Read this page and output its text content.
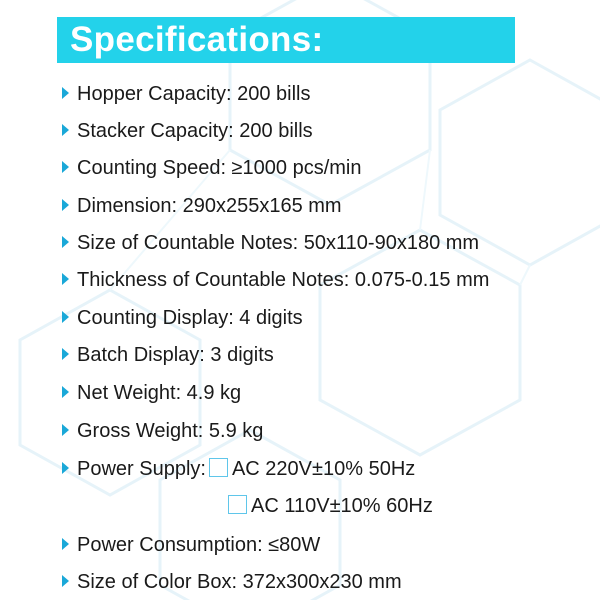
Specifications:
Hopper Capacity: 200 bills
Stacker Capacity: 200 bills
Counting Speed: ≥1000 pcs/min
Dimension: 290x255x165 mm
Size of Countable Notes: 50x110-90x180 mm
Thickness of Countable Notes: 0.075-0.15 mm
Counting Display: 4 digits
Batch Display: 3 digits
Net Weight: 4.9 kg
Gross Weight: 5.9 kg
Power Supply: AC 220V±10% 50Hz
AC 110V±10% 60Hz
Power Consumption: ≤80W
Size of Color Box: 372x300x230 mm
